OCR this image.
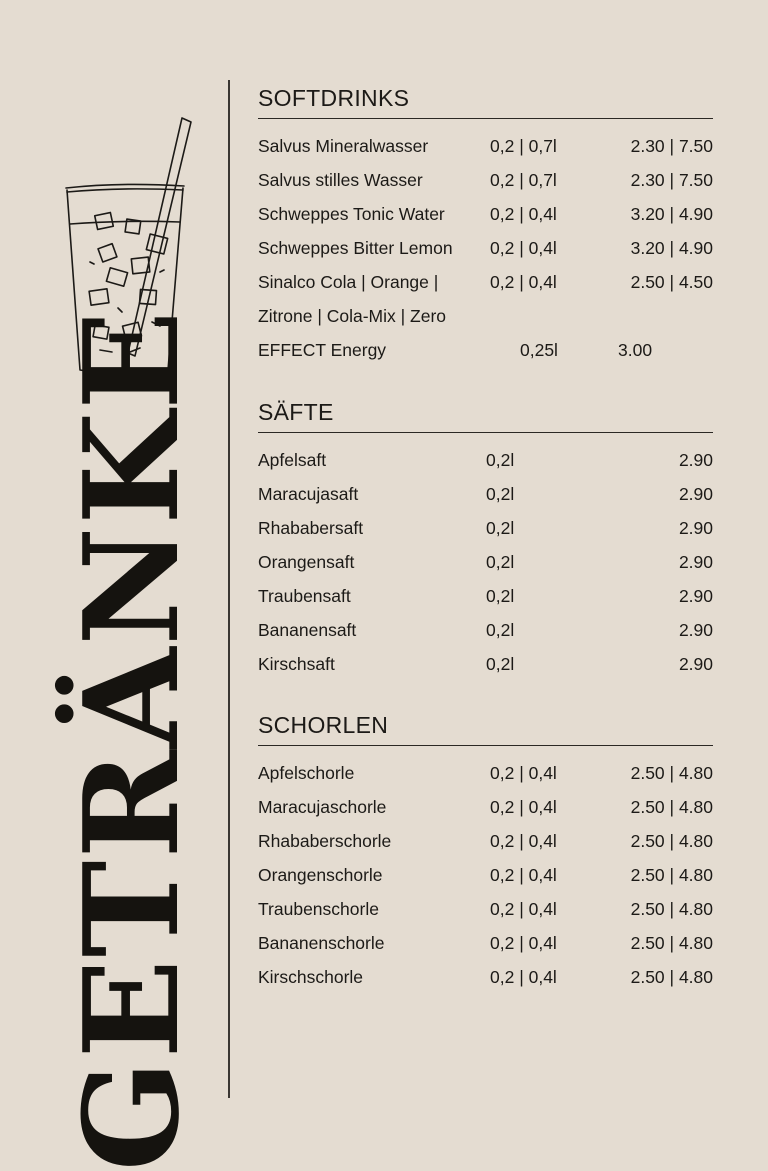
GETRÄNKE
SOFTDRINKS
Salvus Mineralwasser	0,2 | 0,7l	2.30 | 7.50
Salvus stilles Wasser	0,2 | 0,7l	2.30 | 7.50
Schweppes Tonic Water	0,2 | 0,4l	3.20 | 4.90
Schweppes Bitter Lemon 0,2 | 0,4l	3.20 | 4.90
Sinalco Cola | Orange |	0,2 | 0,4l	2.50 | 4.50
Zitrone | Cola-Mix | Zero
EFFECT Energy	0,25l	3.00
SÄFTE
Apfelsaft	0,2l	2.90
Maracujasaft	0,2l	2.90
Rhababersaft	0,2l	2.90
Orangensaft	0,2l	2.90
Traubensaft	0,2l	2.90
Bananensaft	0,2l	2.90
Kirschsaft	0,2l	2.90
SCHORLEN
Apfelschorle	0,2 | 0,4l	2.50 | 4.80
Maracujaschorle	0,2 | 0,4l	2.50 | 4.80
Rhababerschorle	0,2 | 0,4l	2.50 | 4.80
Orangenschorle	0,2 | 0,4l	2.50 | 4.80
Traubenschorle	0,2 | 0,4l	2.50 | 4.80
Bananenschorle	0,2 | 0,4l	2.50 | 4.80
Kirschschorle	0,2 | 0,4l	2.50 | 4.80
